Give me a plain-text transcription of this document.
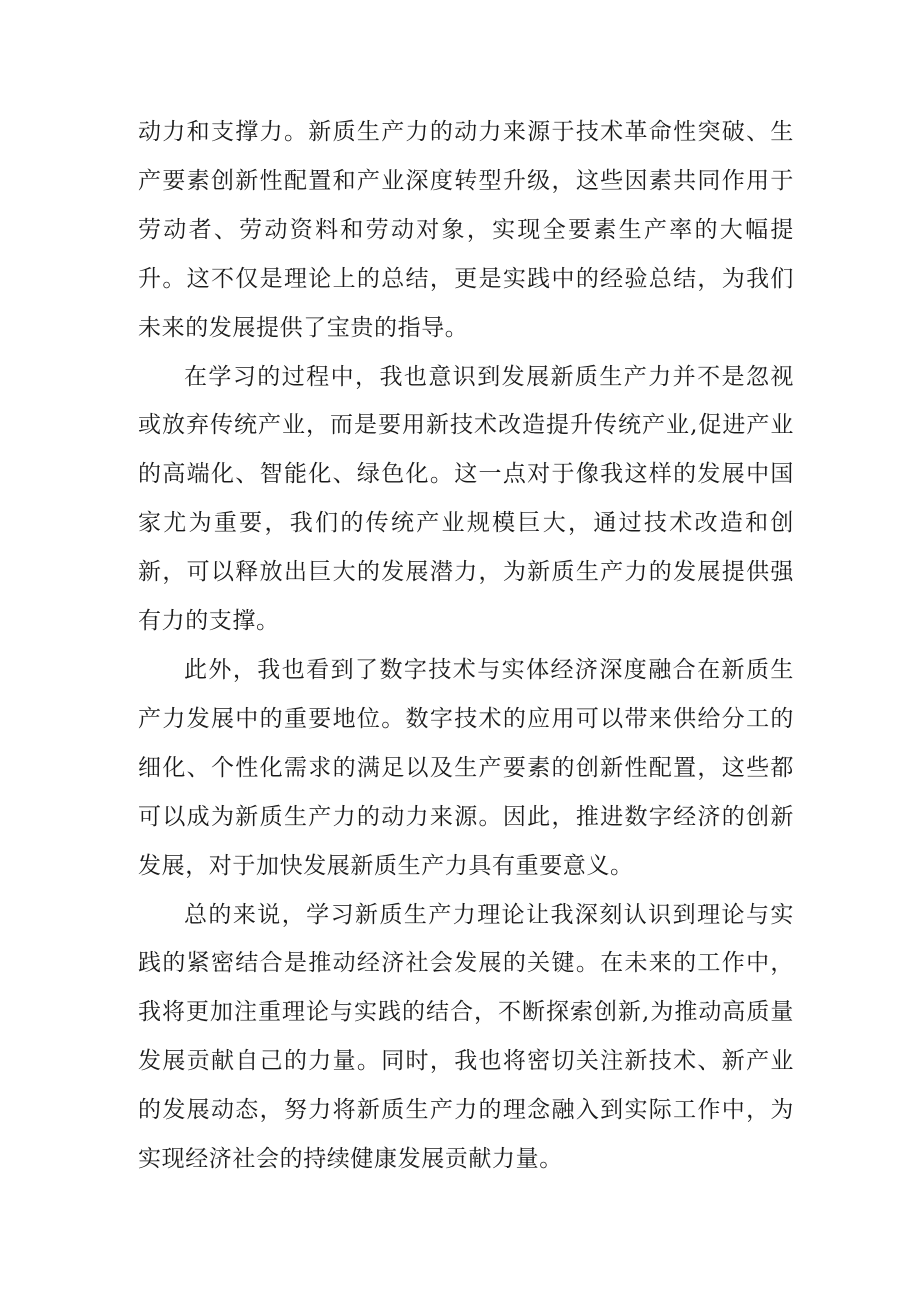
动力和支撑力。新质生产力的动力来源于技术革命性突破、生产要素创新性配置和产业深度转型升级，这些因素共同作用于劳动者、劳动资料和劳动对象，实现全要素生产率的大幅提升。这不仅是理论上的总结，更是实践中的经验总结，为我们未来的发展提供了宝贵的指导。

在学习的过程中，我也意识到发展新质生产力并不是忽视或放弃传统产业，而是要用新技术改造提升传统产业,促进产业的高端化、智能化、绿色化。这一点对于像我这样的发展中国家尤为重要，我们的传统产业规模巨大，通过技术改造和创新，可以释放出巨大的发展潜力，为新质生产力的发展提供强有力的支撑。

此外，我也看到了数字技术与实体经济深度融合在新质生产力发展中的重要地位。数字技术的应用可以带来供给分工的细化、个性化需求的满足以及生产要素的创新性配置，这些都可以成为新质生产力的动力来源。因此，推进数字经济的创新发展，对于加快发展新质生产力具有重要意义。

总的来说，学习新质生产力理论让我深刻认识到理论与实践的紧密结合是推动经济社会发展的关键。在未来的工作中，我将更加注重理论与实践的结合，不断探索创新,为推动高质量发展贡献自己的力量。同时，我也将密切关注新技术、新产业的发展动态，努力将新质生产力的理念融入到实际工作中，为实现经济社会的持续健康发展贡献力量。
